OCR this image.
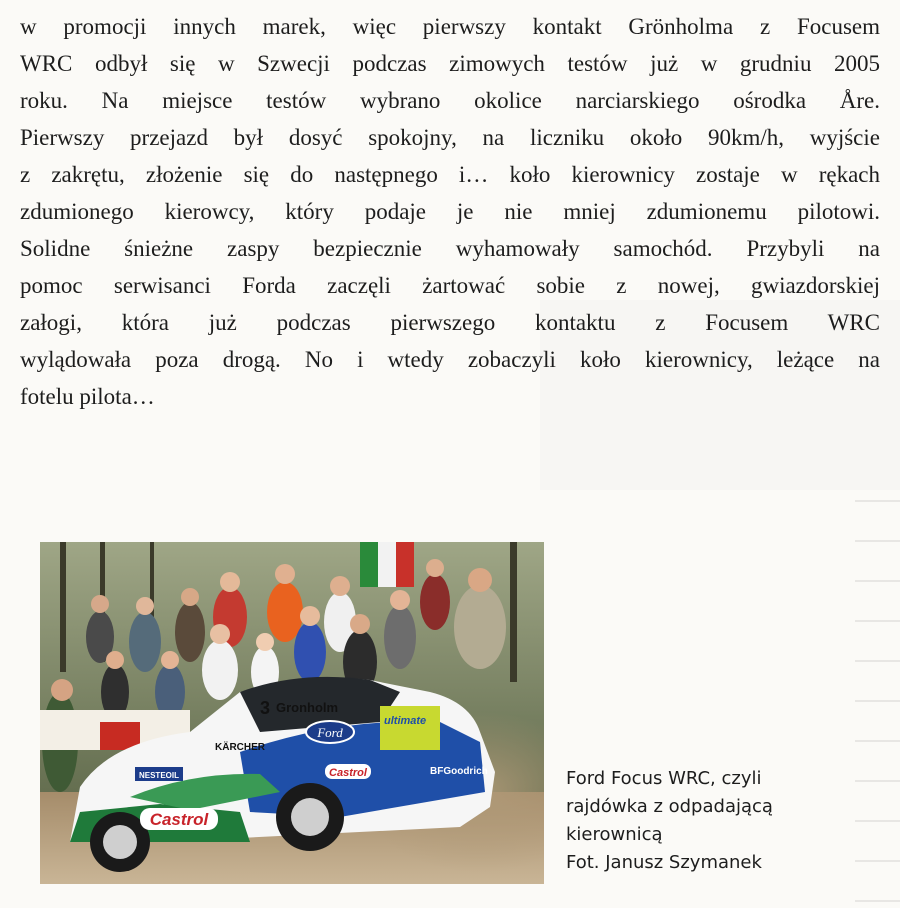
w promocji innych marek, więc pierwszy kontakt Grönholma z Focusem
WRC odbył się w Szwecji podczas zimowych testów już w grudniu 2005
roku. Na miejsce testów wybrano okolice narciarskiego ośrodka Åre.
Pierwszy przejazd był dosyć spokojny, na liczniku około 90km/h, wyjście
z zakrętu, złożenie się do następnego i… koło kierownicy zostaje w rękach
zdumionego kierowcy, który podaje je nie mniej zdumionemu pilotowi.
Solidne śnieżne zaspy bezpiecznie wyhamowały samochód. Przybyli na
pomoc serwisanci Forda zaczęli żartować sobie z nowej, gwiazdorskiej
załogi, która już podczas pierwszego kontaktu z Focusem WRC
wylądowała poza drogą. No i wtedy zobaczyli koło kierownicy, leżące na
fotelu pilota…
Ford
Castrol
Castrol
3 Gronholm
ultimate
KÄRCHER
BFGoodrich
NESTEOIL	Ford Focus WRC, czyli
rajdówka z odpadającą
kierownicą
Fot. Janusz Szymanek
